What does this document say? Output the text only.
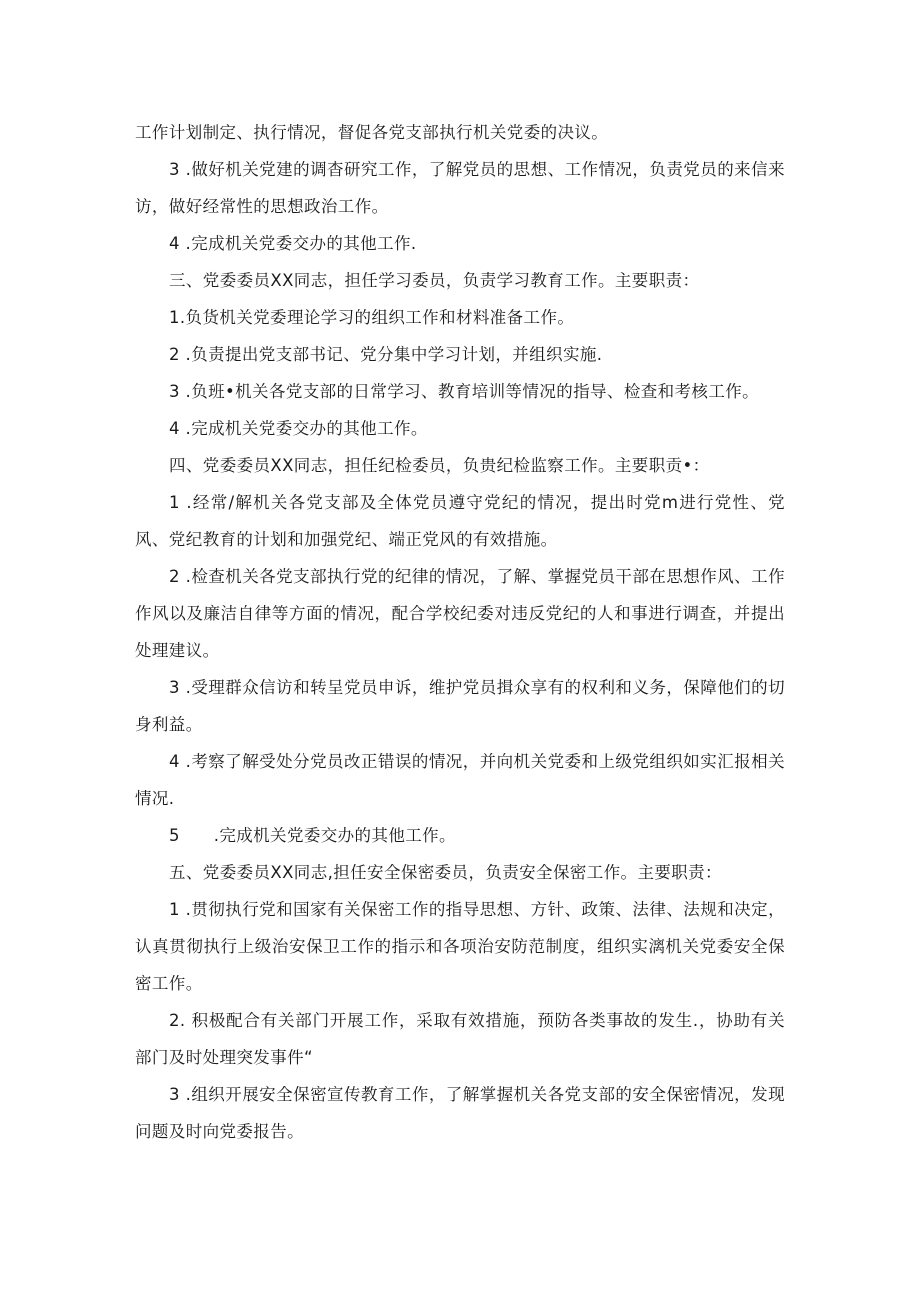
工作计划制定、执行情况，督促各党支部执行机关党委的决议。

3 .做好机关党建的调杳研究工作，了解党员的思想、工作情况，负责党员的来信来访，做好经常性的思想政治工作。

4 .完成机关党委交办的其他工作.

三、党委委员XX同志，担任学习委员，负责学习教育工作。主要职责：

1.负货机关党委理论学习的组织工作和材料准备工作。

2 .负责提出党支部书记、党分集中学习计划，并组织实施.

3 .负班•机关各党支部的日常学习、教育培训等情况的指导、检查和考核工作。

4 .完成机关党委交办的其他工作。

四、党委委员XX同志，担任纪检委员，负贵纪检监察工作。主要职贡•：

1 .经常/解机关各党支部及全体党员遵守党纪的情况，提出时党m进行党性、党风、党纪教育的计划和加强党纪、端正党风的有效措施。

2 .检查机关各党支部执行党的纪律的情况，了解、掌握党员干部在思想作风、工作作风以及廉洁自律等方面的情况，配合学校纪委对违反党纪的人和事进行调查，并提出处理建议。

3 .受理群众信访和转呈党员申诉，维护党员揖众享有的权利和义务，保障他们的切身利益。

4 .考察了解受处分党员改正错误的情况，并向机关党委和上级党组织如实汇报相关情况.

5　　.完成机关党委交办的其他工作。

五、党委委员XX同志,担任安全保密委员，负责安全保密工作。主要职责：

1 .贯彻执行党和国家有关保密工作的指导思想、方针、政策、法律、法规和决定，认真贯彻执行上级治安保卫工作的指示和各项治安防范制度，组织实漓机关党委安全保密工作。

2. 积极配合有关部门开展工作，采取有效措施，预防各类事故的发生.，协助有关部门及时处理突发事件“

3 .组织开展安全保密宣传教育工作，了解掌握机关各党支部的安全保密情况，发现问题及时向党委报告。
